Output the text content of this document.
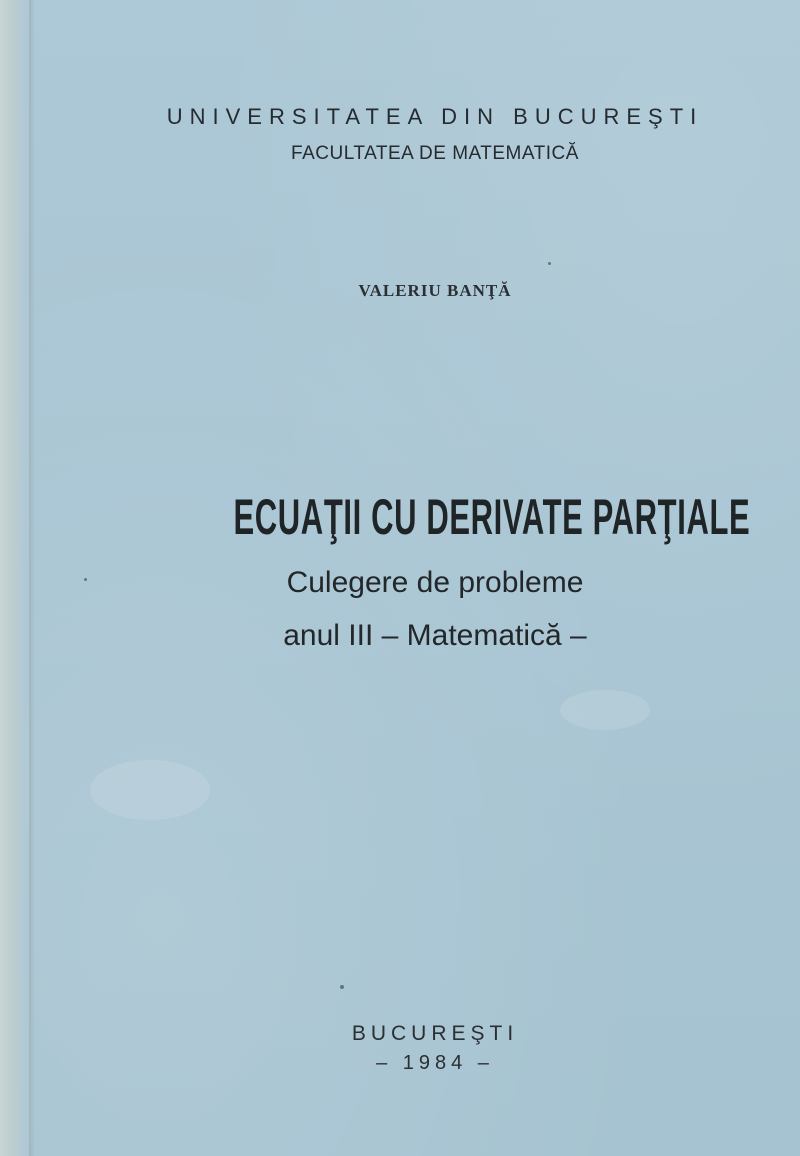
UNIVERSITATEA DIN BUCUREŞTI
FACULTATEA DE MATEMATICĂ
VALERIU BANŢĂ
ECUAŢII CU DERIVATE PARŢIALE
Culegere de probleme
anul III – Matematică –
BUCUREŞTI
– 1984 –
